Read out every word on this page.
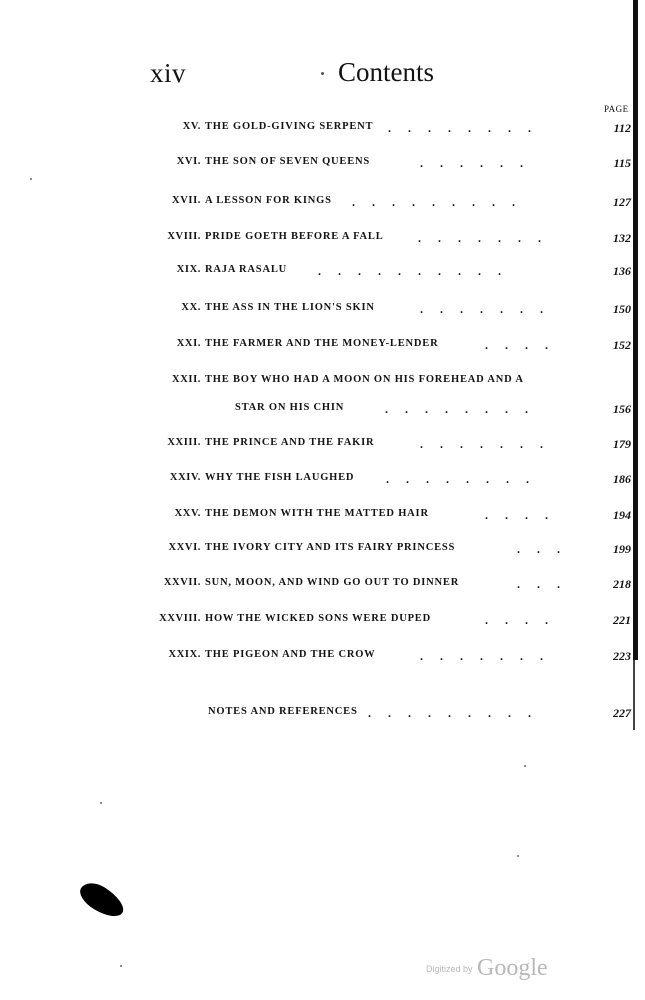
xiv	Contents
PAGE
XV. THE GOLD-GIVING SERPENT ........	112
XVI. THE SON OF SEVEN QUEENS	......	115
XVII. A LESSON FOR KINGS .........	127
XVIII. PRIDE GOETH BEFORE A FALL	.......	132
XIX. RAJA RASALU	..........	136
XX. THE ASS IN THE LION'S SKIN	.......	150
XXI. THE FARMER AND THE MONEY-LENDER	....	152
XXII. THE BOY WHO HAD A MOON ON HIS FOREHEAD AND A
STAR ON HIS CHIN	........	156
XXIII. THE PRINCE AND THE FAKIR	.......	179
XXIV. WHY THE FISH LAUGHED	........	186
XXV. THE DEMON WITH THE MATTED HAIR	....	194
XXVI. THE IVORY CITY AND ITS FAIRY PRINCESS	...	199
XXVII. SUN, MOON, AND WIND GO OUT TO DINNER	...	218
XXVIII. HOW THE WICKED SONS WERE DUPED	....	221
XXIX. THE PIGEON AND THE CROW	.......	223
NOTES AND REFERENCES .........	227
Digitized by Google
